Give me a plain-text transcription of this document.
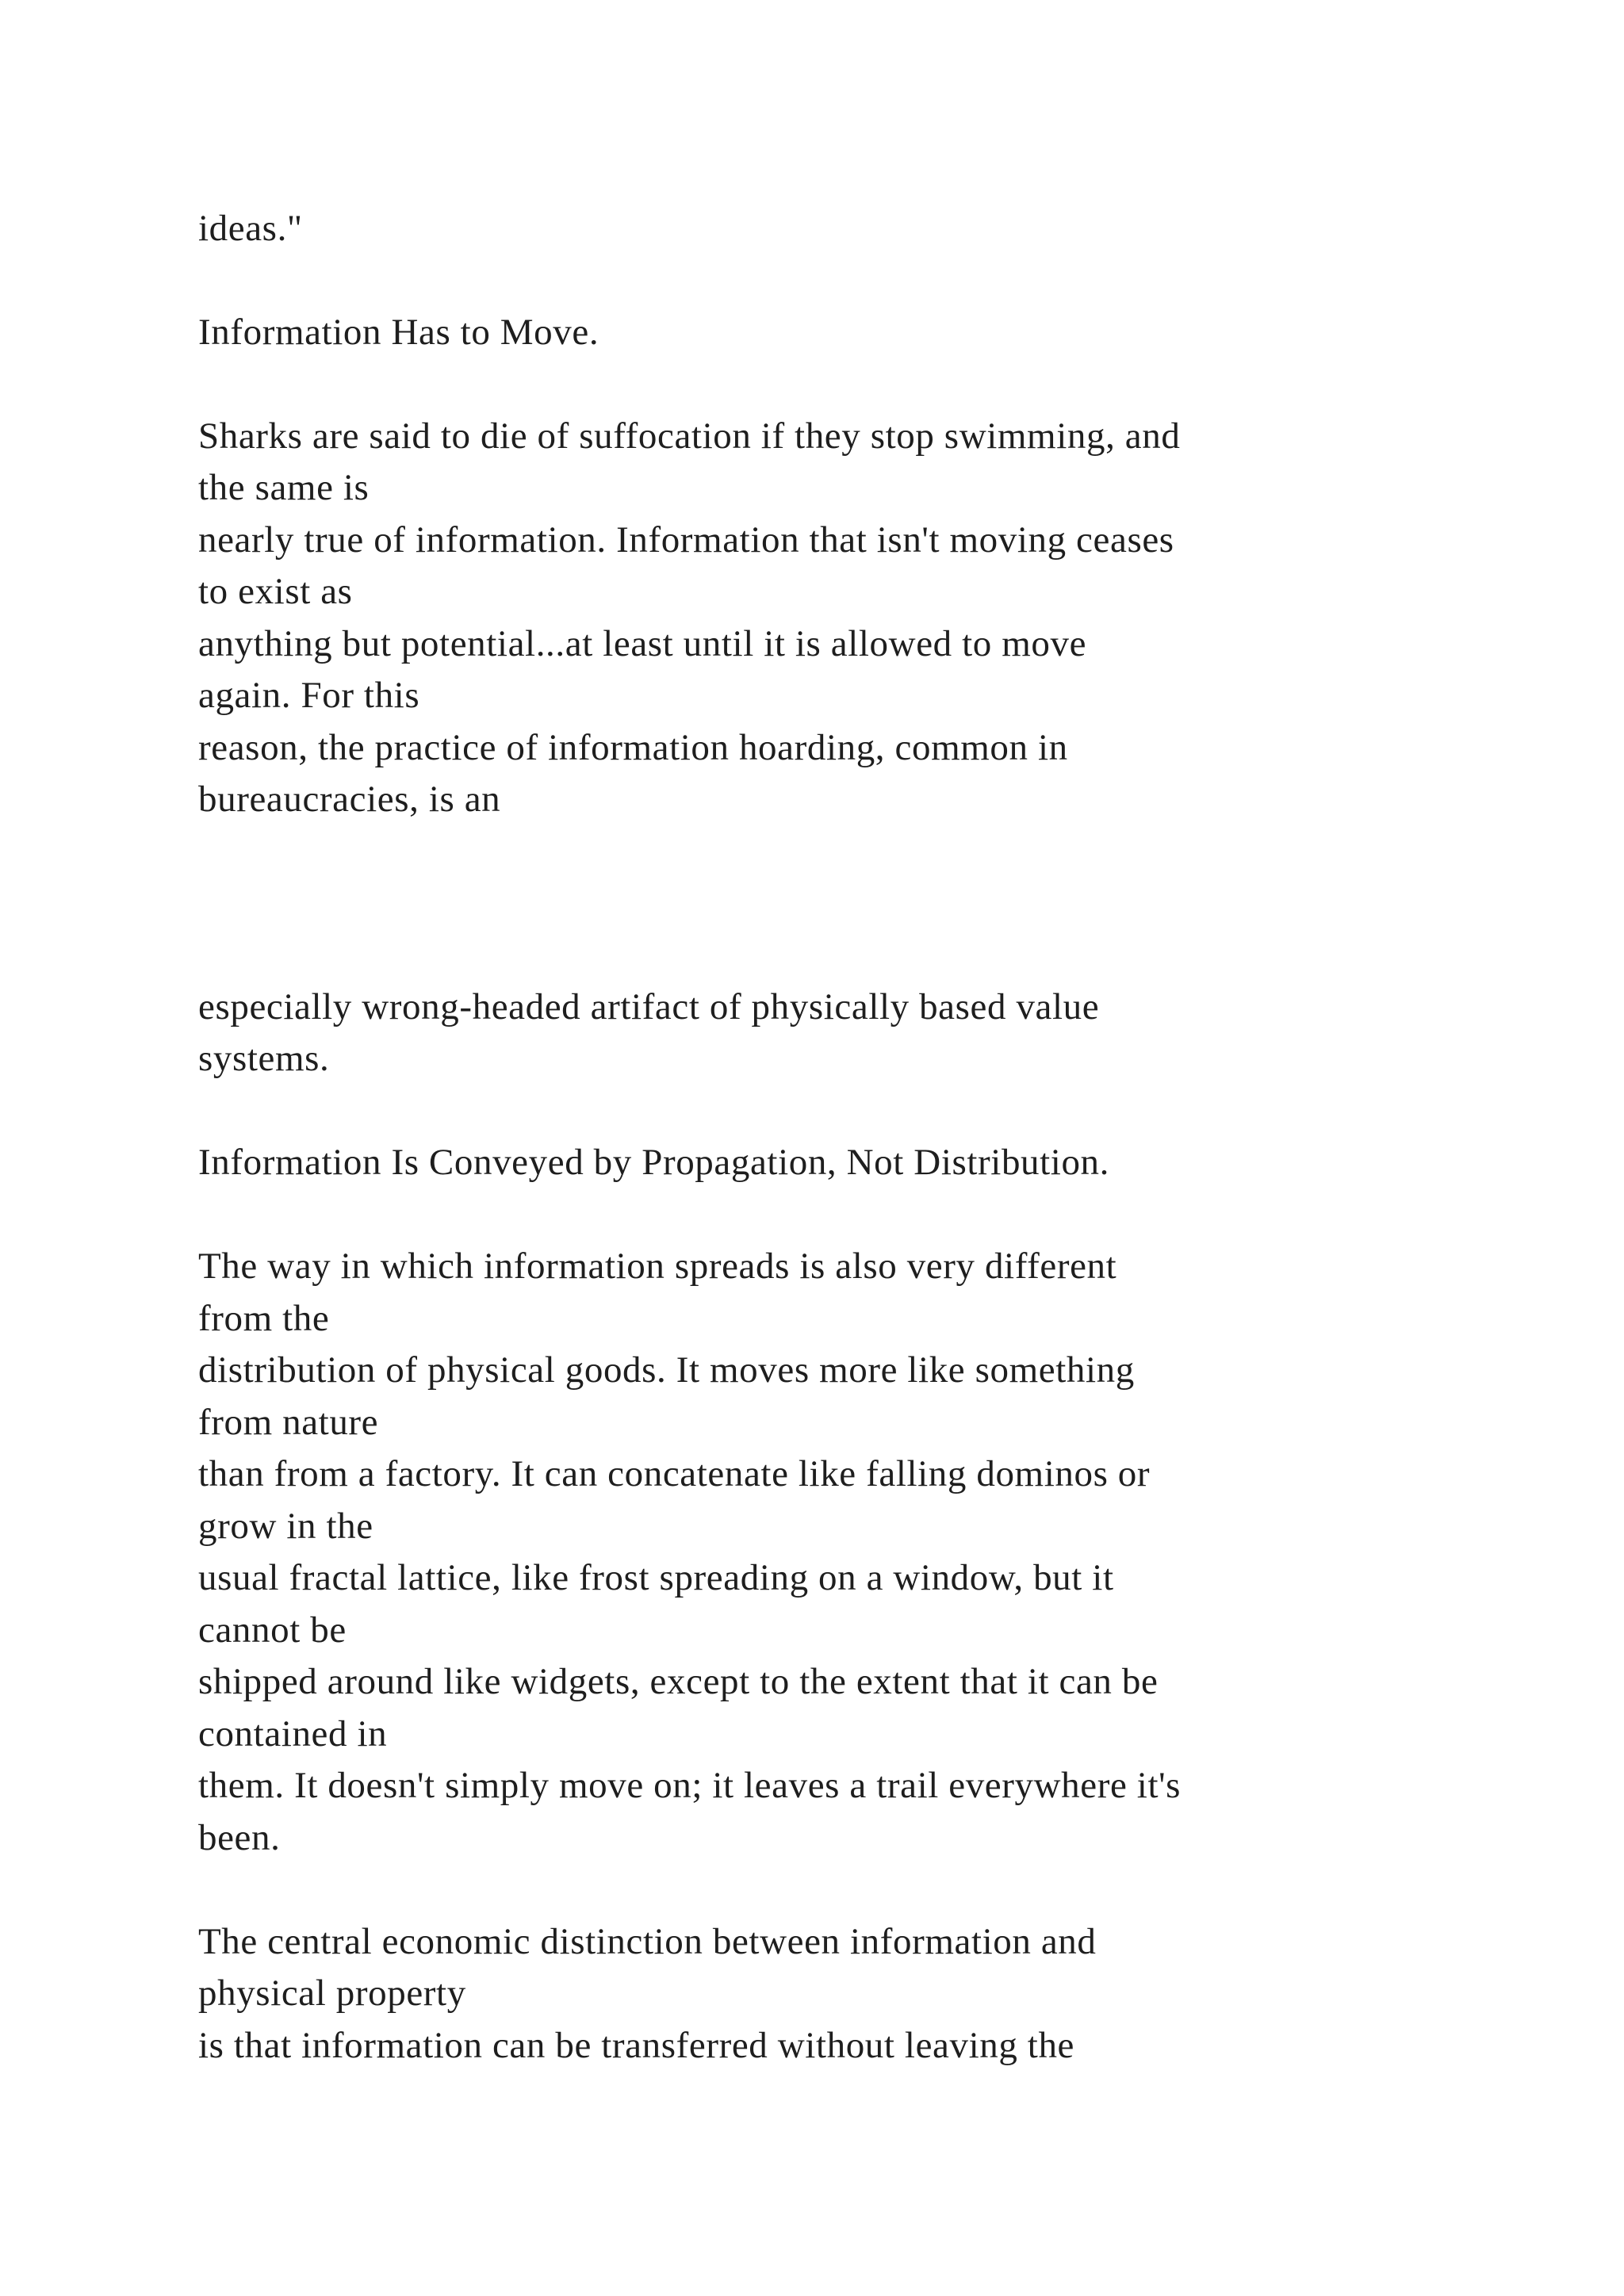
ideas."

Information Has to Move.

Sharks are said to die of suffocation if they stop swimming, and

the same is

nearly true of information. Information that isn't moving ceases

to exist as

anything but potential...at least until it is allowed to move

again. For this

reason, the practice of information hoarding, common in

bureaucracies, is an

especially wrong-headed artifact of physically based value

systems.

Information Is Conveyed by Propagation, Not Distribution.

The way in which information spreads is also very different

from the

distribution of physical goods. It moves more like something

from nature

than from a factory. It can concatenate like falling dominos or

grow in the

usual fractal lattice, like frost spreading on a window, but it

cannot be

shipped around like widgets, except to the extent that it can be

contained in

them. It doesn't simply move on; it leaves a trail everywhere it's

been.

The central economic distinction between information and

physical property

is that information can be transferred without leaving the
